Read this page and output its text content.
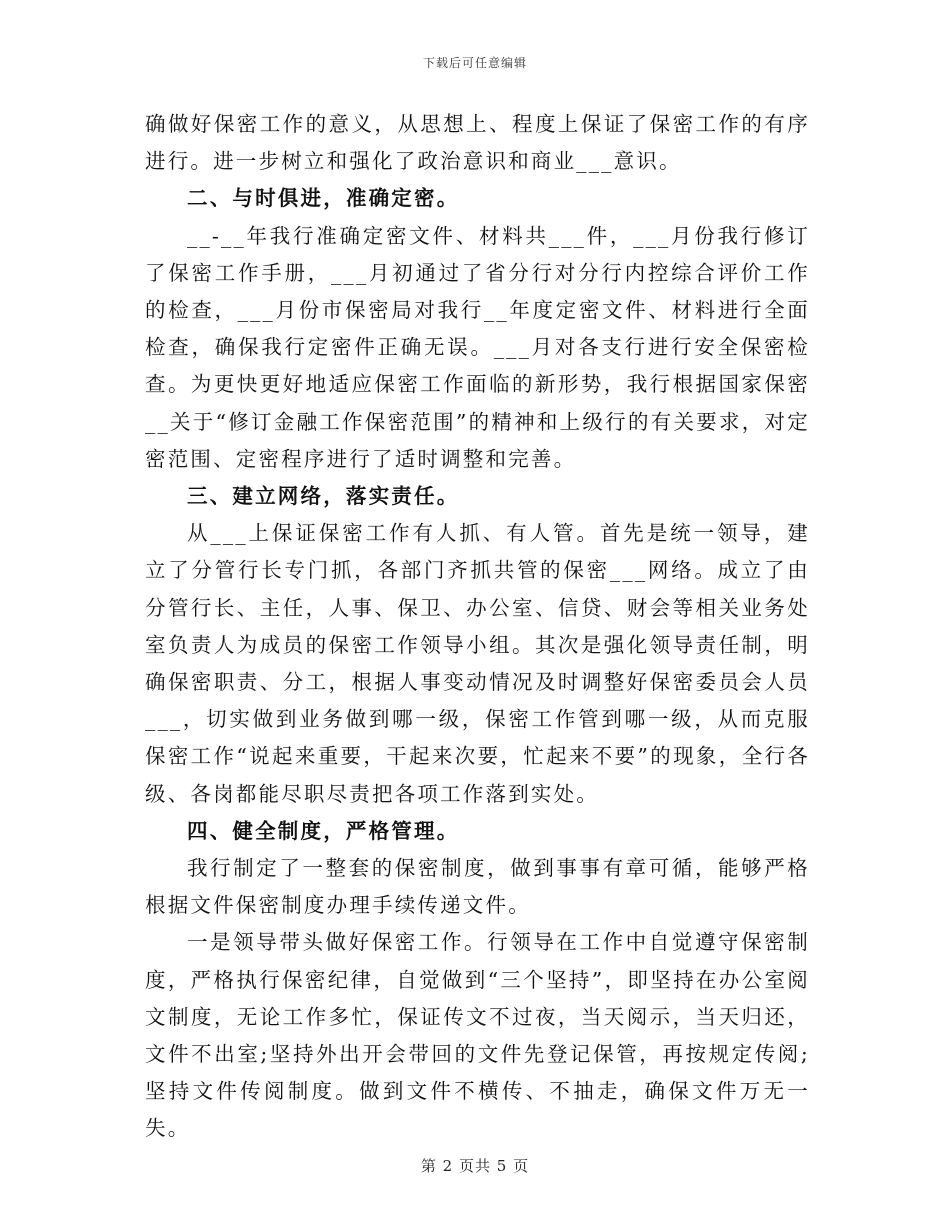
下载后可任意编辑

确做好保密工作的意义，从思想上、程度上保证了保密工作的有序进行。进一步树立和强化了政治意识和商业___意识。

二、与时俱进，准确定密。

__-__年我行准确定密文件、材料共___件，___月份我行修订了保密工作手册，___月初通过了省分行对分行内控综合评价工作的检查，___月份市保密局对我行__年度定密文件、材料进行全面检查，确保我行定密件正确无误。___月对各支行进行安全保密检查。为更快更好地适应保密工作面临的新形势，我行根据国家保密__关于“修订金融工作保密范围”的精神和上级行的有关要求，对定密范围、定密程序进行了适时调整和完善。

三、建立网络，落实责任。

从___上保证保密工作有人抓、有人管。首先是统一领导，建立了分管行长专门抓，各部门齐抓共管的保密___网络。成立了由分管行长、主任，人事、保卫、办公室、信贷、财会等相关业务处室负责人为成员的保密工作领导小组。其次是强化领导责任制，明确保密职责、分工，根据人事变动情况及时调整好保密委员会人员___，切实做到业务做到哪一级，保密工作管到哪一级，从而克服保密工作“说起来重要，干起来次要，忙起来不要”的现象，全行各级、各岗都能尽职尽责把各项工作落到实处。

四、健全制度，严格管理。

我行制定了一整套的保密制度，做到事事有章可循，能够严格根据文件保密制度办理手续传递文件。

一是领导带头做好保密工作。行领导在工作中自觉遵守保密制度，严格执行保密纪律，自觉做到“三个坚持”，即坚持在办公室阅文制度，无论工作多忙，保证传文不过夜，当天阅示，当天归还，文件不出室;坚持外出开会带回的文件先登记保管，再按规定传阅;坚持文件传阅制度。做到文件不横传、不抽走，确保文件万无一失。

第 2 页共 5 页
